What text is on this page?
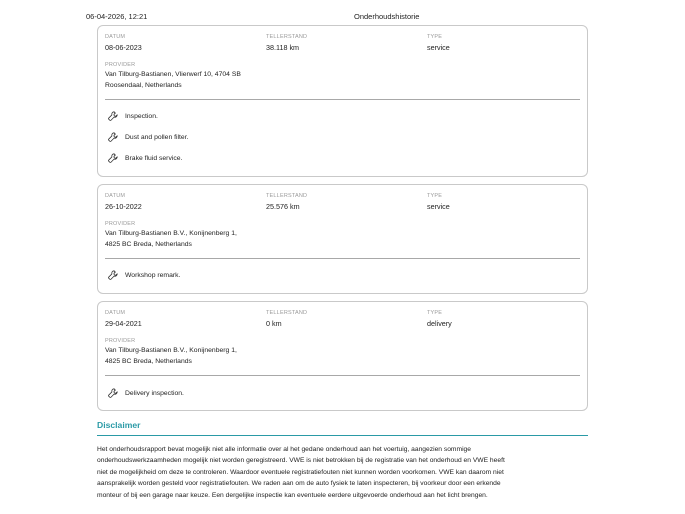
06-04-2026, 12:21	Onderhoudshistorie
DATUM
08-06-2023
TELLERSTAND
38.118 km
TYPE
service
PROVIDER
Van Tilburg-Bastianen, Vlierwerf 10, 4704 SB
Roosendaal, Netherlands
Inspection.
Dust and pollen filter.
Brake fluid service.
DATUM
26-10-2022
TELLERSTAND
25.576 km
TYPE
service
PROVIDER
Van Tilburg-Bastianen B.V., Konijnenberg 1,
4825 BC Breda, Netherlands
Workshop remark.
DATUM
29-04-2021
TELLERSTAND
0 km
TYPE
delivery
PROVIDER
Van Tilburg-Bastianen B.V., Konijnenberg 1,
4825 BC Breda, Netherlands
Delivery inspection.
Disclaimer
Het onderhoudsrapport bevat mogelijk niet alle informatie over al het gedane onderhoud aan het voertuig, aangezien sommige
onderhoudswerkzaamheden mogelijk niet worden geregistreerd. VWE is niet betrokken bij de registratie van het onderhoud en VWE heeft
niet de mogelijkheid om deze te controleren. Waardoor eventuele registratiefouten niet kunnen worden voorkomen. VWE kan daarom niet
aansprakelijk worden gesteld voor registratiefouten. We raden aan om de auto fysiek te laten inspecteren, bij voorkeur door een erkende
monteur of bij een garage naar keuze. Een dergelijke inspectie kan eventuele eerdere uitgevoerde onderhoud aan het licht brengen.
